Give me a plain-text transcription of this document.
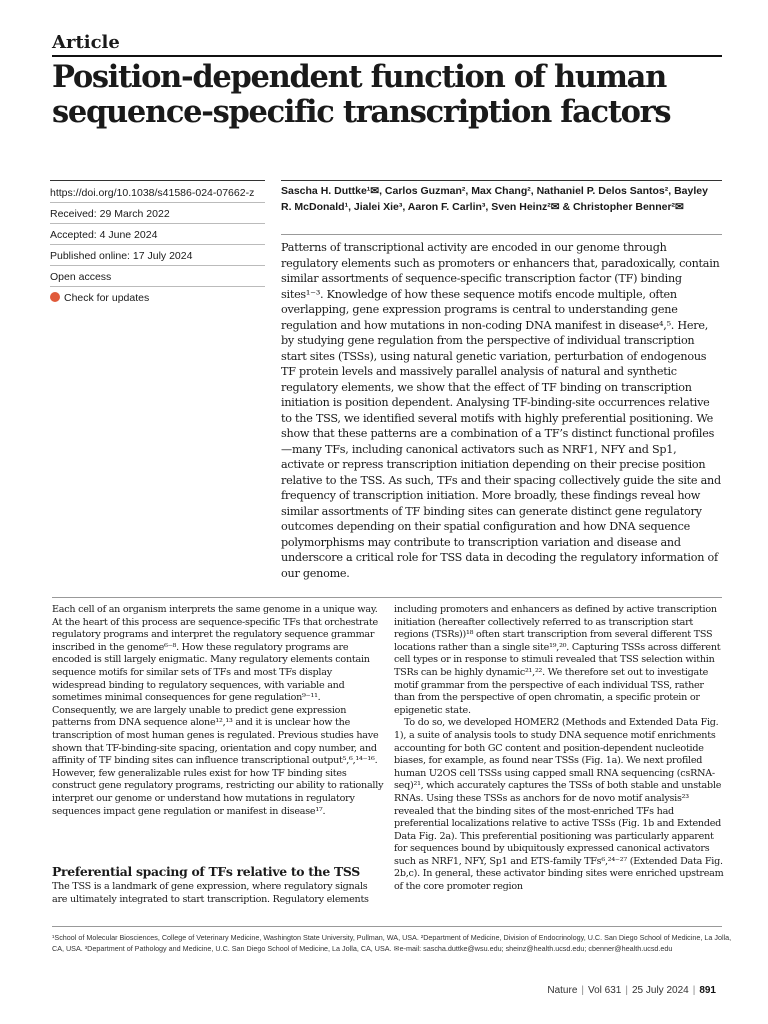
Article
Position-dependent function of human sequence-specific transcription factors
https://doi.org/10.1038/s41586-024-07662-z
Received: 29 March 2022
Accepted: 4 June 2024
Published online: 17 July 2024
Open access
Check for updates
Sascha H. Duttke¹✉, Carlos Guzman², Max Chang², Nathaniel P. Delos Santos², Bayley R. McDonald¹, Jialei Xie³, Aaron F. Carlin³, Sven Heinz²✉ & Christopher Benner²✉
Patterns of transcriptional activity are encoded in our genome through regulatory elements such as promoters or enhancers that, paradoxically, contain similar assortments of sequence-specific transcription factor (TF) binding sites¹⁻³. Knowledge of how these sequence motifs encode multiple, often overlapping, gene expression programs is central to understanding gene regulation and how mutations in non-coding DNA manifest in disease⁴,⁵. Here, by studying gene regulation from the perspective of individual transcription start sites (TSSs), using natural genetic variation, perturbation of endogenous TF protein levels and massively parallel analysis of natural and synthetic regulatory elements, we show that the effect of TF binding on transcription initiation is position dependent. Analysing TF-binding-site occurrences relative to the TSS, we identified several motifs with highly preferential positioning. We show that these patterns are a combination of a TF’s distinct functional profiles—many TFs, including canonical activators such as NRF1, NFY and Sp1, activate or repress transcription initiation depending on their precise position relative to the TSS. As such, TFs and their spacing collectively guide the site and frequency of transcription initiation. More broadly, these findings reveal how similar assortments of TF binding sites can generate distinct gene regulatory outcomes depending on their spatial configuration and how DNA sequence polymorphisms may contribute to transcription variation and disease and underscore a critical role for TSS data in decoding the regulatory information of our genome.

Each cell of an organism interprets the same genome in a unique way. At the heart of this process are sequence-specific TFs that orchestrate regulatory programs and interpret the regulatory sequence grammar inscribed in the genome⁶⁻⁸. How these regulatory programs are encoded is still largely enigmatic. Many regulatory elements contain sequence motifs for similar sets of TFs and most TFs display widespread binding to regulatory sequences, with variable and sometimes minimal consequences for gene regulation⁹⁻¹¹. Consequently, we are largely unable to predict gene expression patterns from DNA sequence alone¹²,¹³ and it is unclear how the transcription of most human genes is regulated. Previous studies have shown that TF-binding-site spacing, orientation and copy number, and affinity of TF binding sites can influence transcriptional output⁵,⁶,¹⁴⁻¹⁶. However, few generalizable rules exist for how TF binding sites construct gene regulatory programs, restricting our ability to rationally interpret our genome or understand how mutations in regulatory sequences impact gene regulation or manifest in disease¹⁷.

Preferential spacing of TFs relative to the TSS
The TSS is a landmark of gene expression, where regulatory signals are ultimately integrated to start transcription. Regulatory elements

including promoters and enhancers as defined by active transcription initiation (hereafter collectively referred to as transcription start regions (TSRs))¹⁸ often start transcription from several different TSS locations rather than a single site¹⁹,²⁰. Capturing TSSs across different cell types or in response to stimuli revealed that TSS selection within TSRs can be highly dynamic²¹,²². We therefore set out to investigate motif grammar from the perspective of each individual TSS, rather than from the perspective of open chromatin, a specific protein or epigenetic state.

To do so, we developed HOMER2 (Methods and Extended Data Fig. 1), a suite of analysis tools to study DNA sequence motif enrichments accounting for both GC content and position-dependent nucleotide biases, for example, as found near TSSs (Fig. 1a). We next profiled human U2OS cell TSSs using capped small RNA sequencing (csRNA-seq)²¹, which accurately captures the TSSs of both stable and unstable RNAs. Using these TSSs as anchors for de novo motif analysis²³ revealed that the binding sites of the most-enriched TFs had preferential localizations relative to active TSSs (Fig. 1b and Extended Data Fig. 2a). This preferential positioning was particularly apparent for sequences bound by ubiquitously expressed canonical activators such as NRF1, NFY, Sp1 and ETS-family TFs⁶,²⁴⁻²⁷ (Extended Data Fig. 2b,c). In general, these activator binding sites were enriched upstream of the core promoter region

¹School of Molecular Biosciences, College of Veterinary Medicine, Washington State University, Pullman, WA, USA. ²Department of Medicine, Division of Endocrinology, U.C. San Diego School of Medicine, La Jolla, CA, USA. ³Department of Pathology and Medicine, U.C. San Diego School of Medicine, La Jolla, CA, USA. ✉e-mail: sascha.duttke@wsu.edu; sheinz@health.ucsd.edu; cbenner@health.ucsd.edu
Nature | Vol 631 | 25 July 2024 | 891
